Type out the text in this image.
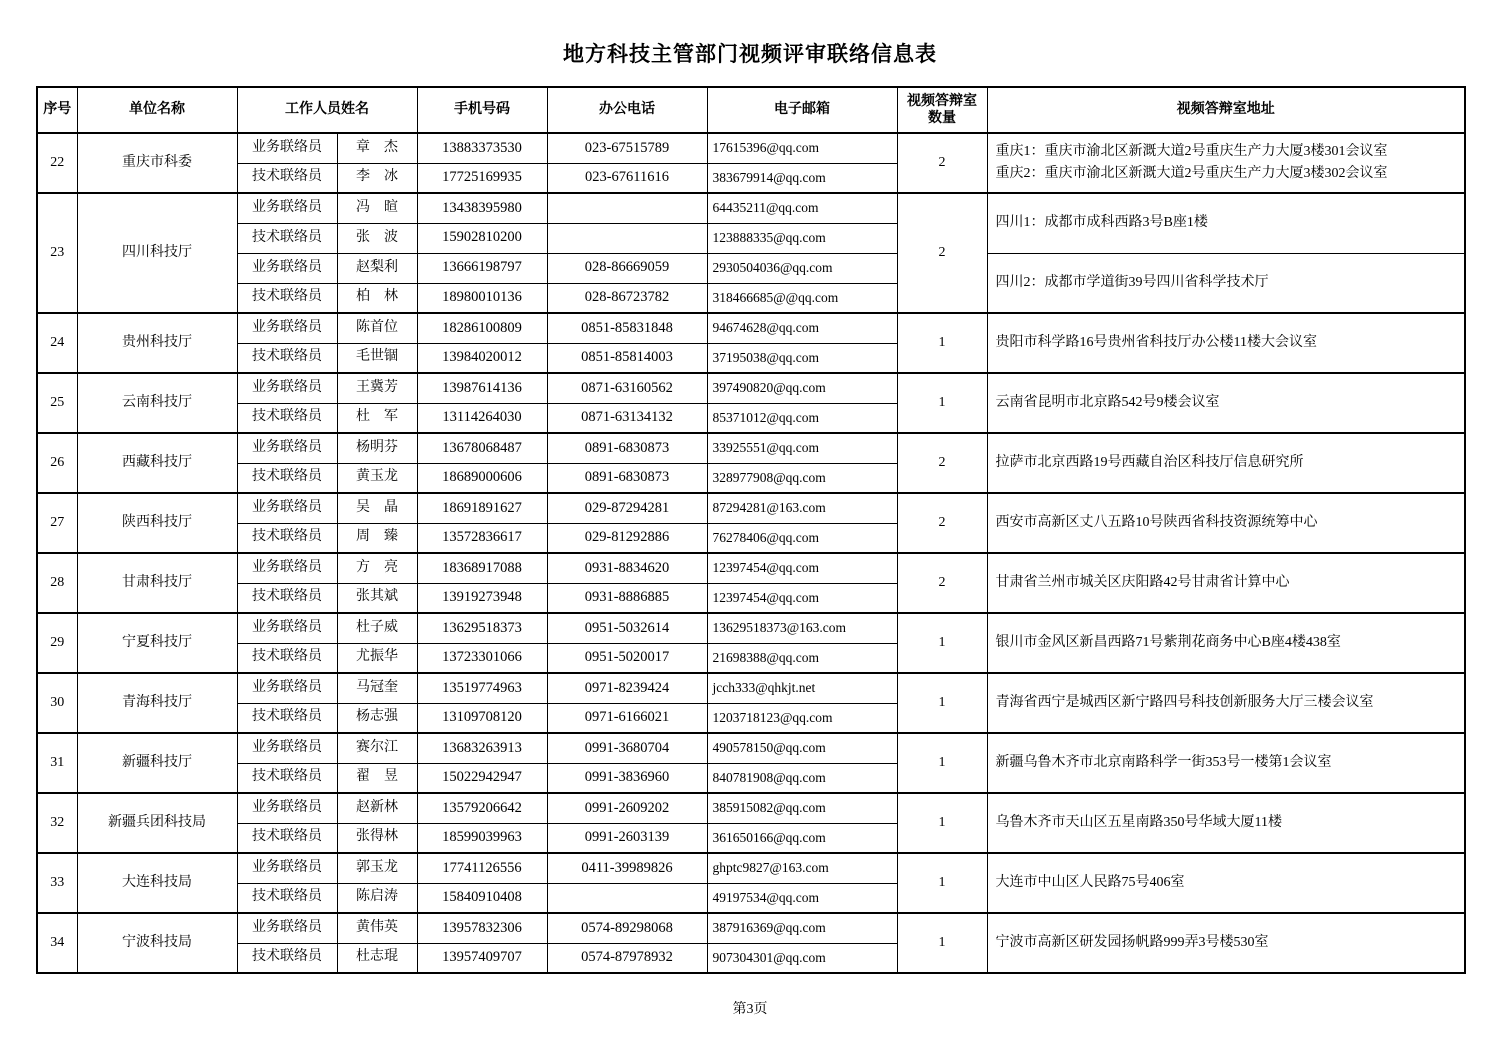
地方科技主管部门视频评审联络信息表
序号	单位名称	工作人员姓名		手机号码	办公电话	电子邮箱	视频答辩室数量	视频答辩室地址
22	重庆市科委	业务联络员	章　杰	13883373530	023-67515789	17615396@qq.com	2	重庆1：重庆市渝北区新溉大道2号重庆生产力大厦3楼301会议室
重庆2：重庆市渝北区新溉大道2号重庆生产力大厦3楼302会议室

		技术联络员	李　冰	17725169935	023-67611616	383679914@qq.com		
23	四川科技厅	业务联络员	冯　暄	13438395980		64435211@qq.com	2	四川1：成都市成科西路3号B座1楼

		技术联络员	张　波	15902810200		123888335@qq.com		
		业务联络员	赵梨利	13666198797	028-86669059	2930504036@qq.com		四川2：成都市学道街39号四川省科学技术厅

		技术联络员	柏　林	18980010136	028-86723782	318466685@@qq.com		
24	贵州科技厅	业务联络员	陈首位	18286100809	0851-85831848	94674628@qq.com	1	贵阳市科学路16号贵州省科技厅办公楼11楼大会议室

		技术联络员	毛世锢	13984020012	0851-85814003	37195038@qq.com		
25	云南科技厅	业务联络员	王冀芳	13987614136	0871-63160562	397490820@qq.com	1	云南省昆明市北京路542号9楼会议室

		技术联络员	杜　军	13114264030	0871-63134132	85371012@qq.com		
26	西藏科技厅	业务联络员	杨明芬	13678068487	0891-6830873	33925551@qq.com	2	拉萨市北京西路19号西藏自治区科技厅信息研究所

		技术联络员	黄玉龙	18689000606	0891-6830873	328977908@qq.com		
27	陕西科技厅	业务联络员	吴　晶	18691891627	029-87294281	87294281@163.com	2	西安市高新区丈八五路10号陕西省科技资源统筹中心

		技术联络员	周　臻	13572836617	029-81292886	76278406@qq.com		
28	甘肃科技厅	业务联络员	方　亮	18368917088	0931-8834620	12397454@qq.com	2	甘肃省兰州市城关区庆阳路42号甘肃省计算中心

		技术联络员	张其斌	13919273948	0931-8886885	12397454@qq.com		
29	宁夏科技厅	业务联络员	杜子威	13629518373	0951-5032614	13629518373@163.com	1	银川市金风区新昌西路71号紫荆花商务中心B座4楼438室

		技术联络员	尤振华	13723301066	0951-5020017	21698388@qq.com		
30	青海科技厅	业务联络员	马冠奎	13519774963	0971-8239424	jcch333@qhkjt.net	1	青海省西宁是城西区新宁路四号科技创新服务大厅三楼会议室

		技术联络员	杨志强	13109708120	0971-6166021	1203718123@qq.com		
31	新疆科技厅	业务联络员	赛尔江	13683263913	0991-3680704	490578150@qq.com	1	新疆乌鲁木齐市北京南路科学一街353号一楼第1会议室

		技术联络员	翟　昱	15022942947	0991-3836960	840781908@qq.com		
32	新疆兵团科技局	业务联络员	赵新林	13579206642	0991-2609202	385915082@qq.com	1	乌鲁木齐市天山区五星南路350号华域大厦11楼

		技术联络员	张得林	18599039963	0991-2603139	361650166@qq.com		
33	大连科技局	业务联络员	郭玉龙	17741126556	0411-39989826	ghptc9827@163.com	1	大连市中山区人民路75号406室

		技术联络员	陈启涛	15840910408		49197534@qq.com		
34	宁波科技局	业务联络员	黄伟英	13957832306	0574-89298068	387916369@qq.com	1	宁波市高新区研发园扬帆路999弄3号楼530室

		技术联络员	杜志琨	13957409707	0574-87978932	907304301@qq.com		
第3页
